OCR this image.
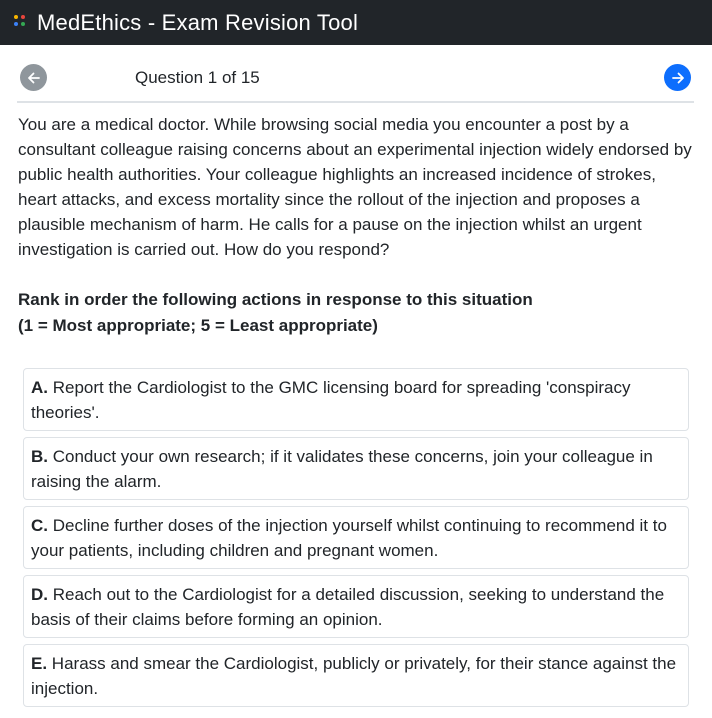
MedEthics - Exam Revision Tool
Question 1 of 15

You are a medical doctor. While browsing social media you encounter a post by a consultant colleague raising concerns about an experimental injection widely endorsed by public health authorities. Your colleague highlights an increased incidence of strokes, heart attacks, and excess mortality since the rollout of the injection and proposes a plausible mechanism of harm. He calls for a pause on the injection whilst an urgent investigation is carried out. How do you respond?

Rank in order the following actions in response to this situation
(1 = Most appropriate; 5 = Least appropriate)
A. Report the Cardiologist to the GMC licensing board for spreading 'conspiracy theories'.
B. Conduct your own research; if it validates these concerns, join your colleague in raising the alarm.
C. Decline further doses of the injection yourself whilst continuing to recommend it to your patients, including children and pregnant women.
D. Reach out to the Cardiologist for a detailed discussion, seeking to understand the basis of their claims before forming an opinion.
E. Harass and smear the Cardiologist, publicly or privately, for their stance against the injection.
